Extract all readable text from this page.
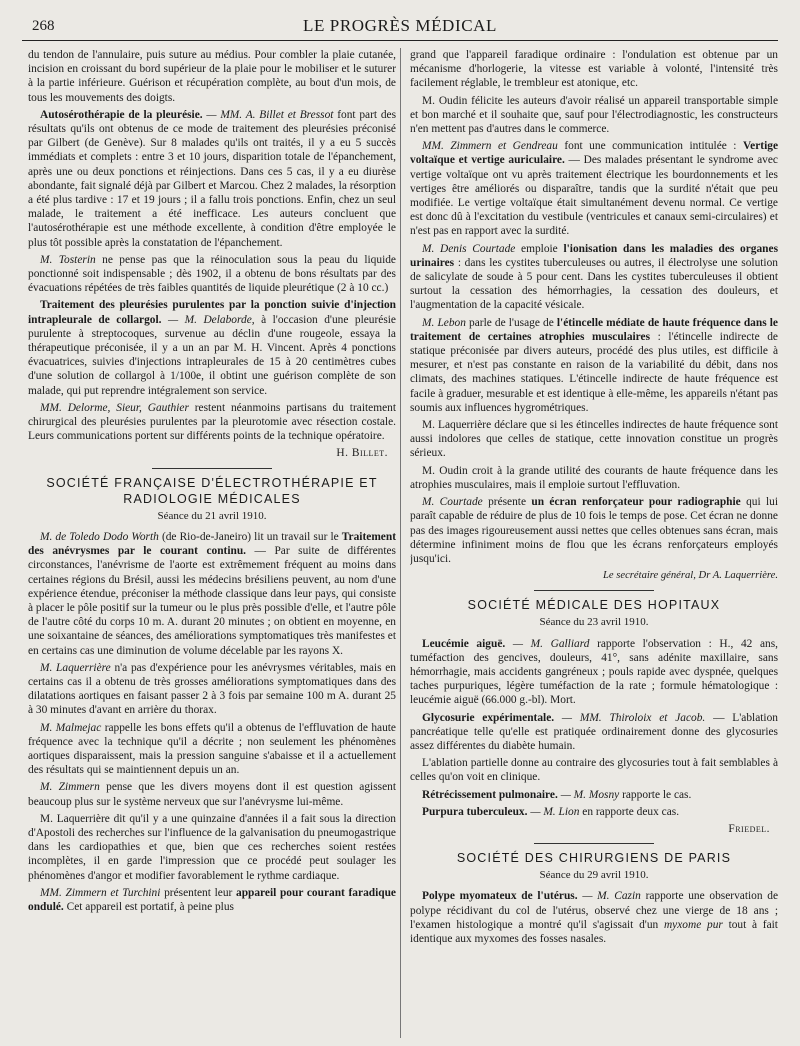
268	LE PROGRÈS MÉDICAL

du tendon de l'annulaire, puis suture au médius. Pour combler la plaie cutanée, incision en croissant du bord supérieur de la plaie pour le mobiliser et le suturer à la partie inférieure. Guérison et récupération complète, au bout d'un mois, de tous les mouvements des doigts.

Autosérothérapie de la pleurésie. — MM. A. Billet et Bressot font part des résultats qu'ils ont obtenus de ce mode de traitement des pleurésies préconisé par Gilbert (de Genève). Sur 8 malades qu'ils ont traités, il y a eu 5 succès immédiats et complets : entre 3 et 10 jours, disparition totale de l'épanchement, après une ou deux ponctions et réinjections. Dans ces 5 cas, il y a eu diurèse abondante, fait signalé déjà par Gilbert et Marcou. Chez 2 malades, la résorption a été plus tardive : 17 et 19 jours ; il a fallu trois ponctions. Enfin, chez un seul malade, le traitement a été inefficace. Les auteurs concluent que l'autosérothérapie est une méthode excellente, à condition d'être employée le plus tôt possible après la constatation de l'épanchement.

M. Tosterin ne pense pas que la réinoculation sous la peau du liquide ponctionné soit indispensable ; dès 1902, il a obtenu de bons résultats par des évacuations répétées de très faibles quantités de liquide pleurétique (2 à 10 cc.)

Traitement des pleurésies purulentes par la ponction suivie d'injection intrapleurale de collargol. — M. Delaborde, à l'occasion d'une pleurésie purulente à streptocoques, survenue au déclin d'une rougeole, essaya la thérapeutique préconisée, il y a un an par M. H. Vincent. Après 4 ponctions évacuatrices, suivies d'injections intrapleurales de 15 à 20 centimètres cubes d'une solution de collargol à 1/100e, il obtint une guérison complète de son malade, qui put reprendre intégralement son service.

MM. Delorme, Sieur, Gauthier restent néanmoins partisans du traitement chirurgical des pleurésies purulentes par la pleurotomie avec résection costale. Leurs communications portent sur différents points de la technique opératoire.

H. Billet.
SOCIÉTÉ FRANÇAISE D'ÉLECTROTHÉRAPIE ET RADIOLOGIE MÉDICALES
Séance du 21 avril 1910.

M. de Toledo Dodo Worth (de Rio-de-Janeiro) lit un travail sur le Traitement des anévrysmes par le courant continu. — Par suite de différentes circonstances, l'anévrisme de l'aorte est extrêmement fréquent au moins dans certaines régions du Brésil, aussi les médecins brésiliens peuvent, au nom d'une expérience étendue, préconiser la méthode classique dans leur pays, qui consiste à placer le pôle positif sur la tumeur ou le plus près possible d'elle, et l'autre pôle de l'autre côté du corps 10 m. A. durant 20 minutes ; on obtient en moyenne, en une soixantaine de séances, des améliorations symptomatiques très manifestes et en certains cas une diminution de volume décelable par les rayons X.

M. Laquerrière n'a pas d'expérience pour les anévrysmes véritables, mais en certains cas il a obtenu de très grosses améliorations symptomatiques dans des dilatations aortiques en faisant passer 2 à 3 fois par semaine 100 m A. durant 25 à 30 minutes d'avant en arrière du thorax.

M. Malmejac rappelle les bons effets qu'il a obtenus de l'effluvation de haute fréquence avec la technique qu'il a décrite ; non seulement les phénomènes aortiques disparaissent, mais la pression sanguine s'abaisse et il a actuellement des résultats qui se maintiennent depuis un an.

M. Zimmern pense que les divers moyens dont il est question agissent beaucoup plus sur le système nerveux que sur l'anévrysme lui-même.

M. Laquerrière dit qu'il y a une quinzaine d'années il a fait sous la direction d'Apostoli des recherches sur l'influence de la galvanisation du pneumogastrique dans les cardiopathies et que, bien que ces recherches soient restées incomplètes, il en garde l'impression que ce procédé peut soulager les phénomènes d'angor et modifier favorablement le rythme cardiaque.

MM. Zimmern et Turchini présentent leur appareil pour courant faradique ondulé. Cet appareil est portatif, à peine plus

grand que l'appareil faradique ordinaire : l'ondulation est obtenue par un mécanisme d'horlogerie, la vitesse est variable à volonté, l'intensité très facilement réglable, le trembleur est atonique, etc.

M. Oudin félicite les auteurs d'avoir réalisé un appareil transportable simple et bon marché et il souhaite que, sauf pour l'électrodiagnostic, les constructeurs n'en mettent pas d'autres dans le commerce.

MM. Zimmern et Gendreau font une communication intitulée : Vertige voltaïque et vertige auriculaire. — Des malades présentant le syndrome avec vertige voltaïque ont vu après traitement électrique les bourdonnements et les vertiges être améliorés ou disparaître, tandis que la surdité n'était que peu modifiée. Le vertige voltaïque était simultanément devenu normal. Ce vertige est donc dû à l'excitation du vestibule (ventricules et canaux semi-circulaires) et n'est pas en rapport avec la surdité.

M. Denis Courtade emploie l'ionisation dans les maladies des organes urinaires : dans les cystites tuberculeuses ou autres, il électrolyse une solution de salicylate de soude à 5 pour cent. Dans les cystites tuberculeuses il obtient surtout la cessation des hémorrhagies, la cessation des douleurs, et l'augmentation de la capacité vésicale.

M. Lebon parle de l'usage de l'étincelle médiate de haute fréquence dans le traitement de certaines atrophies musculaires : l'étincelle indirecte de statique préconisée par divers auteurs, procédé des plus utiles, est difficile à mesurer, et n'est pas constante en raison de la variabilité du débit, dans nos climats, des machines statiques. L'étincelle indirecte de haute fréquence est facile à graduer, mesurable et est identique à elle-même, les appareils n'étant pas soumis aux influences hygrométriques.

M. Laquerrière déclare que si les étincelles indirectes de haute fréquence sont aussi indolores que celles de statique, cette innovation constitue un progrès sérieux.

M. Oudin croit à la grande utilité des courants de haute fréquence dans les atrophies musculaires, mais il emploie surtout l'effluvation.

M. Courtade présente un écran renforçateur pour radiographie qui lui paraît capable de réduire de plus de 10 fois le temps de pose. Cet écran ne donne pas des images rigoureusement aussi nettes que celles obtenues sans écran, mais détermine infiniment moins de flou que les écrans renforçateurs employés jusqu'ici.

Le secrétaire général, Dr A. Laquerrière.
SOCIÉTÉ MÉDICALE DES HOPITAUX
Séance du 23 avril 1910.

Leucémie aiguë. — M. Galliard rapporte l'observation : H., 42 ans, tuméfaction des gencives, douleurs, 41°, sans adénite maxillaire, sans hémorrhagie, mais accidents gangréneux ; pouls rapide avec dyspnée, quelques taches purpuriques, légère tuméfaction de la rate ; formule hématologique : leucémie aiguë (66.000 g.-bl). Mort.

Glycosurie expérimentale. — MM. Thiroloix et Jacob. — L'ablation pancréatique telle qu'elle est pratiquée ordinairement donne des glycosuries assez différentes du diabète humain.

L'ablation partielle donne au contraire des glycosuries tout à fait semblables à celles qu'on voit en clinique.

Rétrécissement pulmonaire. — M. Mosny rapporte le cas.

Purpura tuberculeux. — M. Lion en rapporte deux cas.

Friedel.
SOCIÉTÉ DES CHIRURGIENS DE PARIS
Séance du 29 avril 1910.

Polype myomateux de l'utérus. — M. Cazin rapporte une observation de polype récidivant du col de l'utérus, observé chez une vierge de 18 ans ; l'examen histologique a montré qu'il s'agissait d'un myxome pur tout à fait identique aux myxomes des fosses nasales.
